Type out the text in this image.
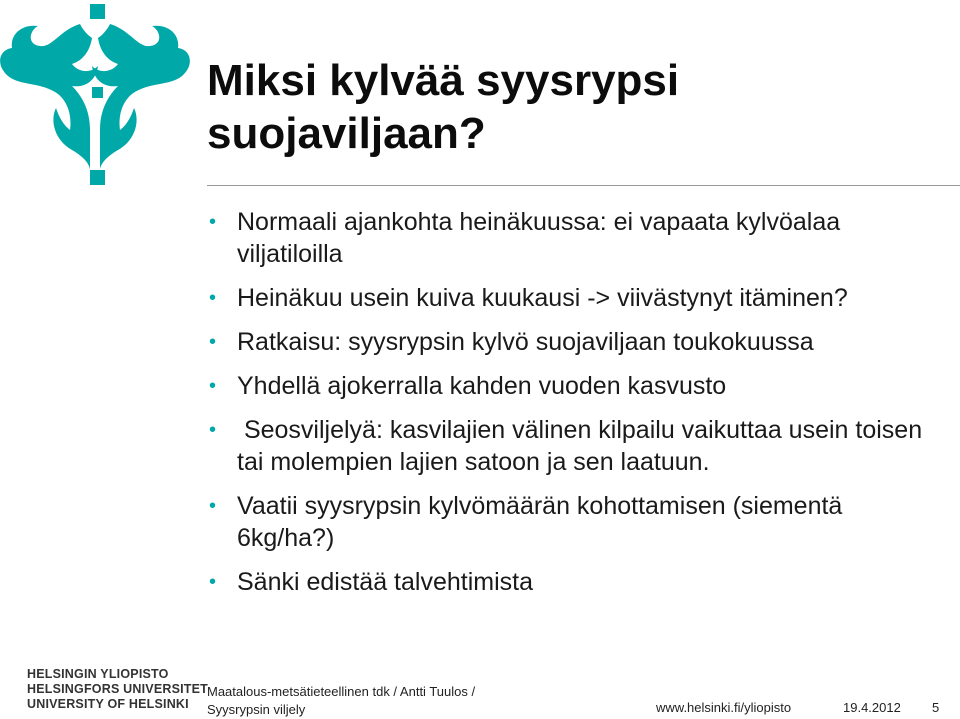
Miksi kylvää syysrypsi
suojaviljaan?
• Normaali ajankohta heinäkuussa: ei vapaata kylvöalaa viljatiloilla
• Heinäkuu usein kuiva kuukausi -> viivästynyt itäminen?
• Ratkaisu: syysrypsin kylvö suojaviljaan toukokuussa
• Yhdellä ajokerralla kahden vuoden kasvusto
• Seosviljelyä: kasvilajien välinen kilpailu vaikuttaa usein toisen tai molempien lajien satoon ja sen laatuun.
• Vaatii syysrypsin kylvömäärän kohottamisen (siementä 6kg/ha?)
• Sänki edistää talvehtimista
HELSINGIN YLIOPISTO
HELSINGFORS UNIVERSITET
UNIVERSITY OF HELSINKI
Maatalous-metsätieteellinen tdk / Antti Tuulos /
Syysrypsin viljely	www.helsinki.fi/yliopisto	19.4.2012 5
